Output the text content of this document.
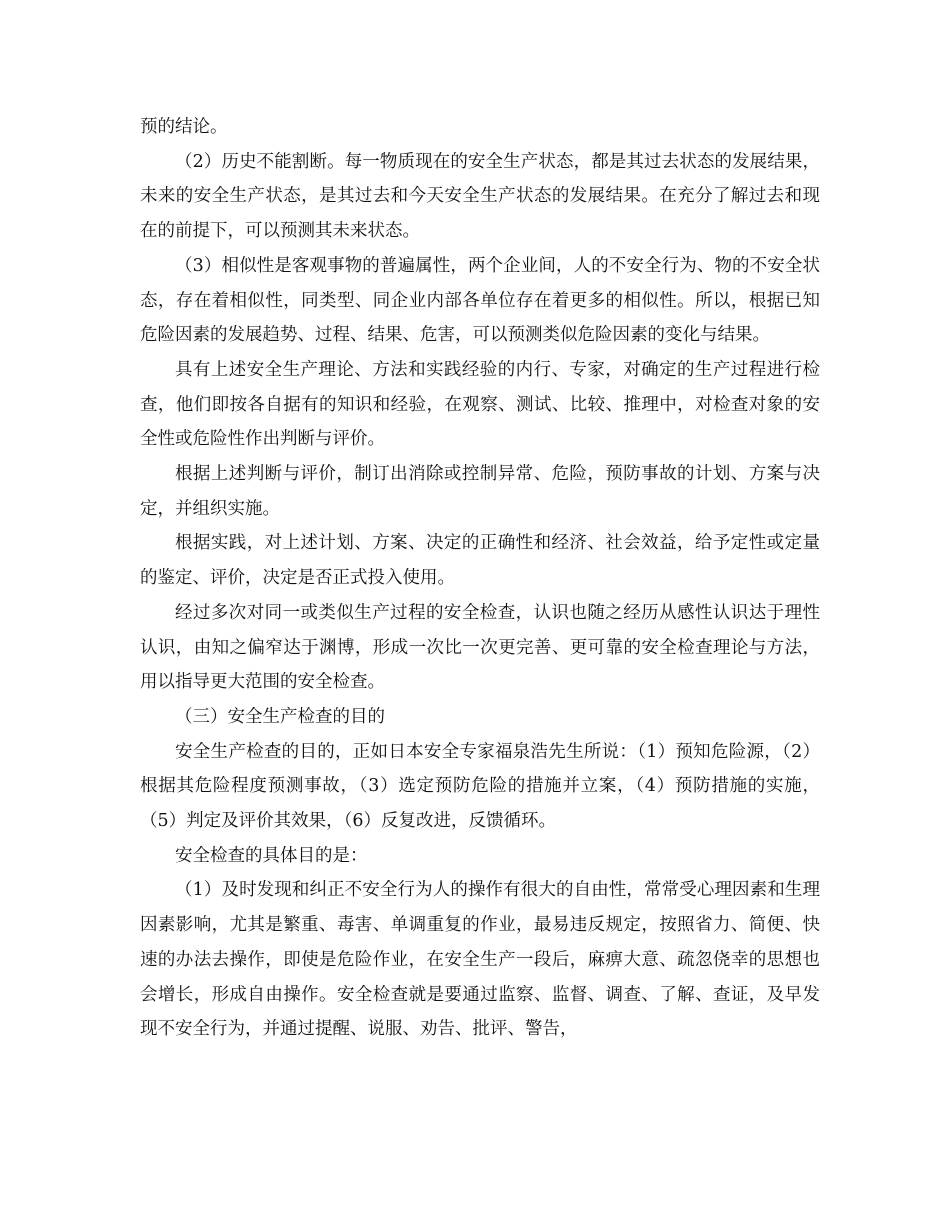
预的结论。

（2）历史不能割断。每一物质现在的安全生产状态，都是其过去状态的发展结果，未来的安全生产状态，是其过去和今天安全生产状态的发展结果。在充分了解过去和现在的前提下，可以预测其未来状态。

（3）相似性是客观事物的普遍属性，两个企业间，人的不安全行为、物的不安全状态，存在着相似性，同类型、同企业内部各单位存在着更多的相似性。所以，根据已知危险因素的发展趋势、过程、结果、危害，可以预测类似危险因素的变化与结果。

具有上述安全生产理论、方法和实践经验的内行、专家，对确定的生产过程进行检查，他们即按各自据有的知识和经验，在观察、测试、比较、推理中，对检查对象的安全性或危险性作出判断与评价。

根据上述判断与评价，制订出消除或控制异常、危险，预防事故的计划、方案与决定，并组织实施。

根据实践，对上述计划、方案、决定的正确性和经济、社会效益，给予定性或定量的鉴定、评价，决定是否正式投入使用。

经过多次对同一或类似生产过程的安全检查，认识也随之经历从感性认识达于理性认识，由知之偏窄达于渊博，形成一次比一次更完善、更可靠的安全检查理论与方法，用以指导更大范围的安全检查。

（三）安全生产检查的目的

安全生产检查的目的，正如日本安全专家福泉浩先生所说：（1）预知危险源，（2）根据其危险程度预测事故，（3）选定预防危险的措施并立案，（4）预防措施的实施，（5）判定及评价其效果，（6）反复改进，反馈循环。

安全检查的具体目的是：

（1）及时发现和纠正不安全行为人的操作有很大的自由性，常常受心理因素和生理因素影响，尤其是繁重、毒害、单调重复的作业，最易违反规定，按照省力、简便、快速的办法去操作，即使是危险作业，在安全生产一段后，麻痹大意、疏忽侥幸的思想也会增长，形成自由操作。安全检查就是要通过监察、监督、调查、了解、查证，及早发现不安全行为，并通过提醒、说服、劝告、批评、警告，
